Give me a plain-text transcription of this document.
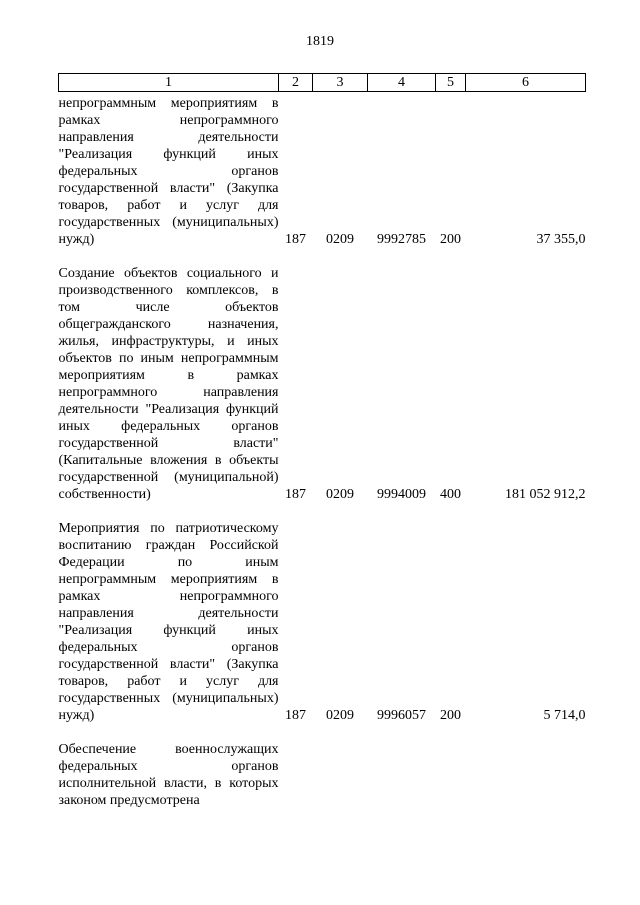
1819
1	2	3	4	5	6
непрограммным мероприятиям в рамках непрограммного направления деятельности "Реализация функций иных федеральных органов государственной власти" (Закупка товаров, работ и услуг для государственных (муниципальных) нужд)	187	0209	9992785	200	37 355,0

Создание объектов социального и производственного комплексов, в том числе объектов общегражданского назначения, жилья, инфраструктуры, и иных объектов по иным непрограммным мероприятиям в рамках непрограммного направления деятельности "Реализация функций иных федеральных органов государственной власти" (Капитальные вложения в объекты государственной (муниципальной) собственности)	187	0209	9994009	400	181 052 912,2

Мероприятия по патриотическому воспитанию граждан Российской Федерации по иным непрограммным мероприятиям в рамках непрограммного направления деятельности "Реализация функций иных федеральных органов государственной власти" (Закупка товаров, работ и услуг для государственных (муниципальных) нужд)	187	0209	9996057	200	5 714,0

Обеспечение военнослужащих федеральных органов исполнительной власти, в которых законом предусмотрена					
